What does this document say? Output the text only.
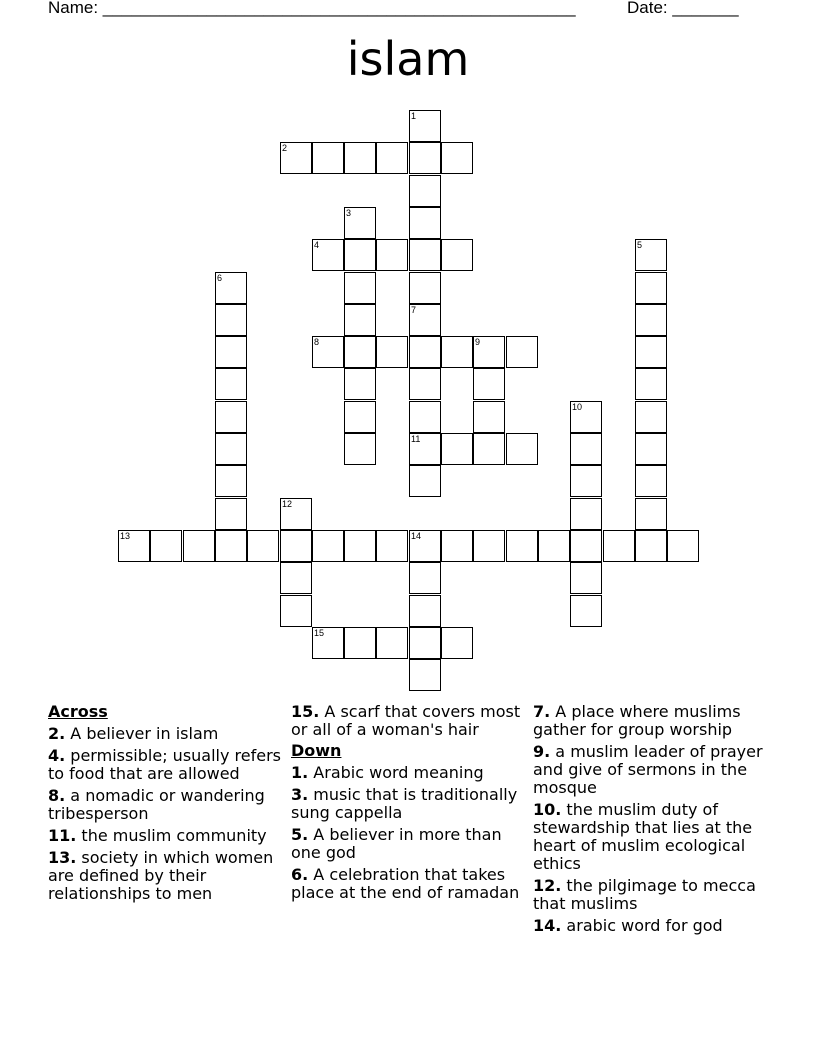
Name: __________________________________________________	Date: _______
islam
1
2
3
4	5
6
7
11
8	9
10
12
13	14
15
Across
2. A believer in islam
4. permissible; usually refers to food that are allowed
8. a nomadic or wandering tribesperson
11. the muslim community
13. society in which women are defined by their relationships to men
15. A scarf that covers most or all of a woman's hair
Down
1. Arabic word meaning
3. music that is traditionally sung cappella
5. A believer in more than one god
6. A celebration that takes place at the end of ramadan
7. A place where muslims gather for group worship
9. a muslim leader of prayer and give of sermons in the mosque
10. the muslim duty of stewardship that lies at the heart of muslim ecological ethics
12. the pilgimage to mecca that muslims
14. arabic word for god
